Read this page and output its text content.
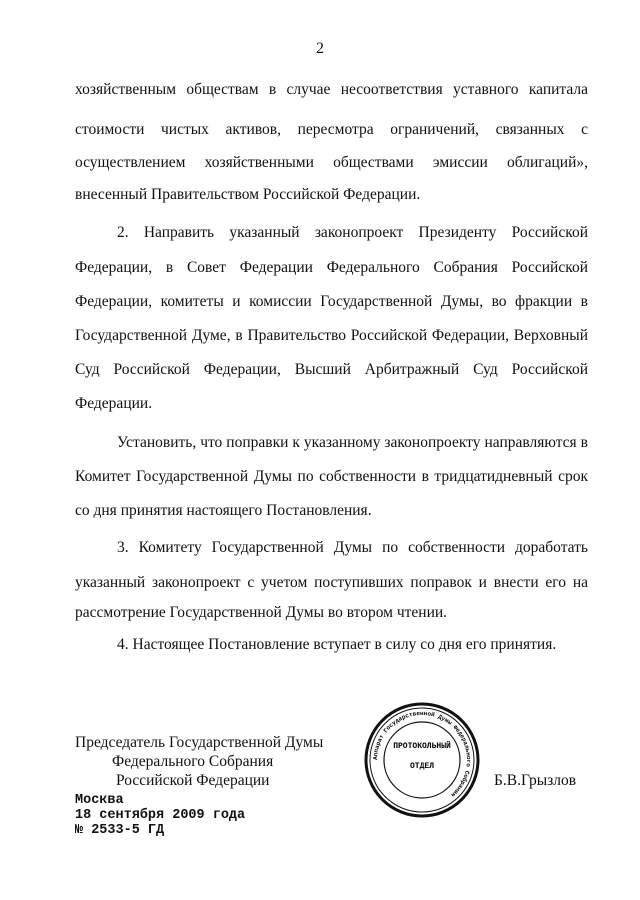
2
хозяйственным обществам в случае несоответствия уставного капитала
стоимости чистых активов, пересмотра ограничений, связанных с
осуществлением хозяйственными обществами эмиссии облигаций»,
внесенный Правительством Российской Федерации.
2. Направить указанный законопроект Президенту Российской
Федерации, в Совет Федерации Федерального Собрания Российской
Федерации, комитеты и комиссии Государственной Думы, во фракции в
Государственной Думе, в Правительство Российской Федерации, Верховный
Суд Российской Федерации, Высший Арбитражный Суд Российской
Федерации.
Установить, что поправки к указанному законопроекту направляются в
Комитет Государственной Думы по собственности в тридцатидневный срок
со дня принятия настоящего Постановления.
3. Комитету Государственной Думы по собственности доработать
указанный законопроект с учетом поступивших поправок и внести его на
рассмотрение Государственной Думы во втором чтении.
4. Настоящее Постановление вступает в силу со дня его принятия.
Аппарат Государственной Думы Федерального Собрания
ПРОТОКОЛЬНЫЙ
ОТДЕЛ
Председатель Государственной Думы
Федерального Собрания
Российской Федерации	Б.В.Грызлов
Москва
18 сентября 2009 года
№ 2533-5 ГД
